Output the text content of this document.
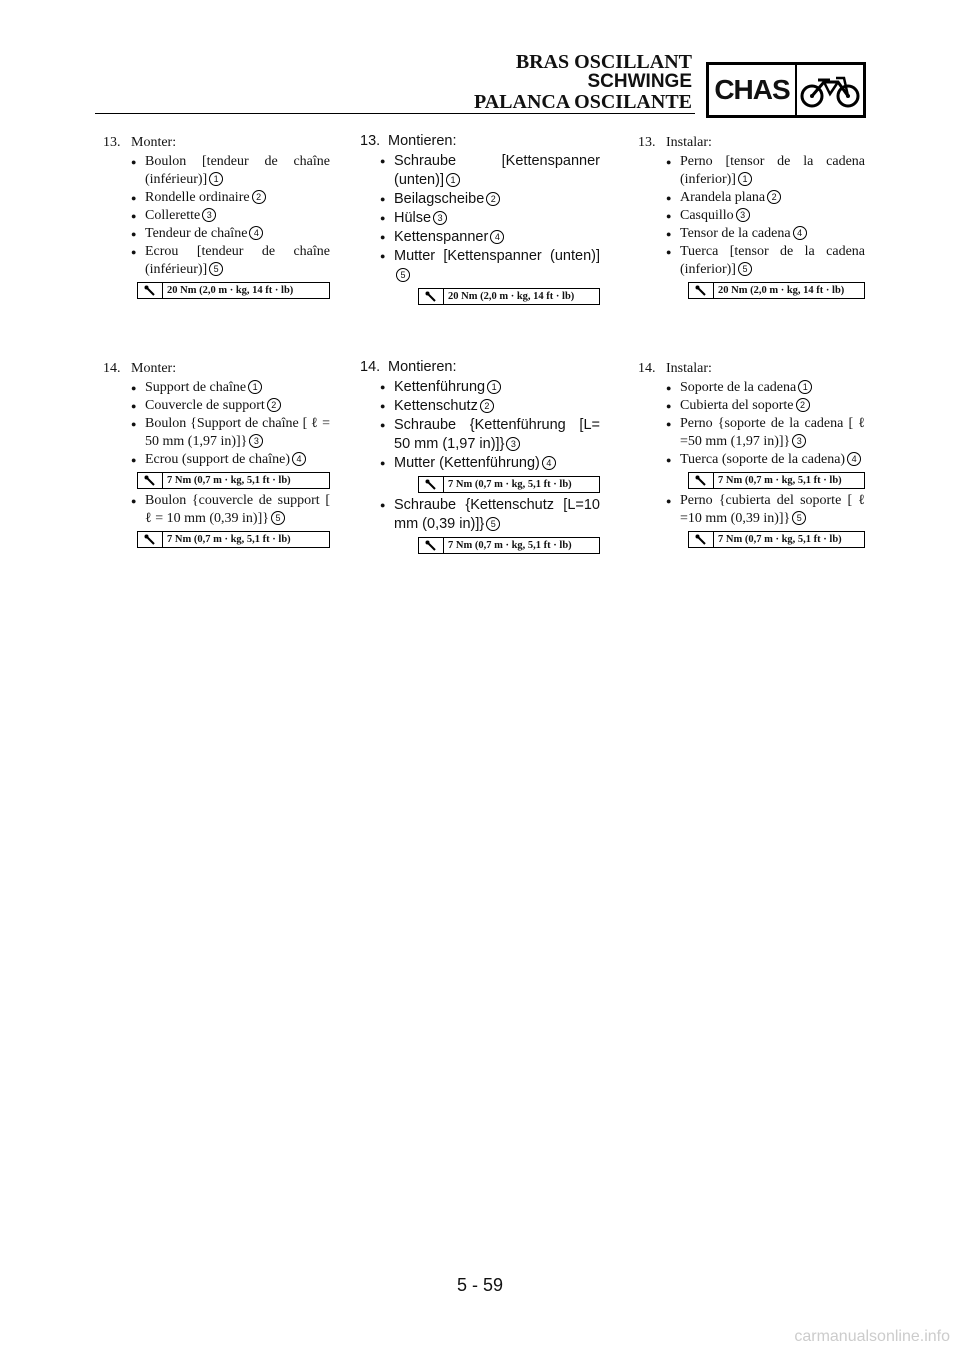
BRAS OSCILLANT
SCHWINGE
PALANCA OSCILANTE CHAS
13. Monter:
● Boulon [tendeur de chaîne (inférieur)] 1
● Rondelle ordinaire 2
● Collerette 3
● Tendeur de chaîne 4
● Ecrou [tendeur de chaîne (inférieur)] 5
20 Nm (2,0 m · kg, 14 ft · lb)
14. Monter:
● Support de chaîne 1
● Couvercle de support 2
● Boulon {Support de chaîne [ ℓ = 50 mm (1,97 in)]} 3
● Ecrou (support de chaîne) 4
7 Nm (0,7 m · kg, 5,1 ft · lb)
● Boulon {couvercle de support [ ℓ = 10 mm (0,39 in)]} 5
7 Nm (0,7 m · kg, 5,1 ft · lb)
13. Montieren:
● Schraube [Kettenspanner (unten)] 1
● Beilagscheibe 2
● Hülse 3
● Kettenspanner 4
● Mutter [Kettenspanner (unten)]5
20 Nm (2,0 m · kg, 14 ft · lb)
14. Montieren:
● Kettenführung 1
● Kettenschutz 2
● Schraube {Kettenführung [L= 50 mm (1,97 in)]} 3
● Mutter (Kettenführung) 4
7 Nm (0,7 m · kg, 5,1 ft · lb)
● Schraube {Kettenschutz [L=10 mm (0,39 in)]} 5
7 Nm (0,7 m · kg, 5,1 ft · lb)
13. Instalar:
● Perno [tensor de la cadena (inferior)] 1
● Arandela plana 2
● Casquillo 3
● Tensor de la cadena 4
● Tuerca [tensor de la cadena (inferior)] 5
20 Nm (2,0 m · kg, 14 ft · lb)
14. Instalar:
● Soporte de la cadena 1
● Cubierta del soporte 2
● Perno {soporte de la cadena [ ℓ =50 mm (1,97 in)]} 3
● Tuerca (soporte de la cadena) 4
7 Nm (0,7 m · kg, 5,1 ft · lb)
● Perno {cubierta del soporte [ ℓ =10 mm (0,39 in)]} 5
7 Nm (0,7 m · kg, 5,1 ft · lb)
5 - 59
carmanualsonline.info
